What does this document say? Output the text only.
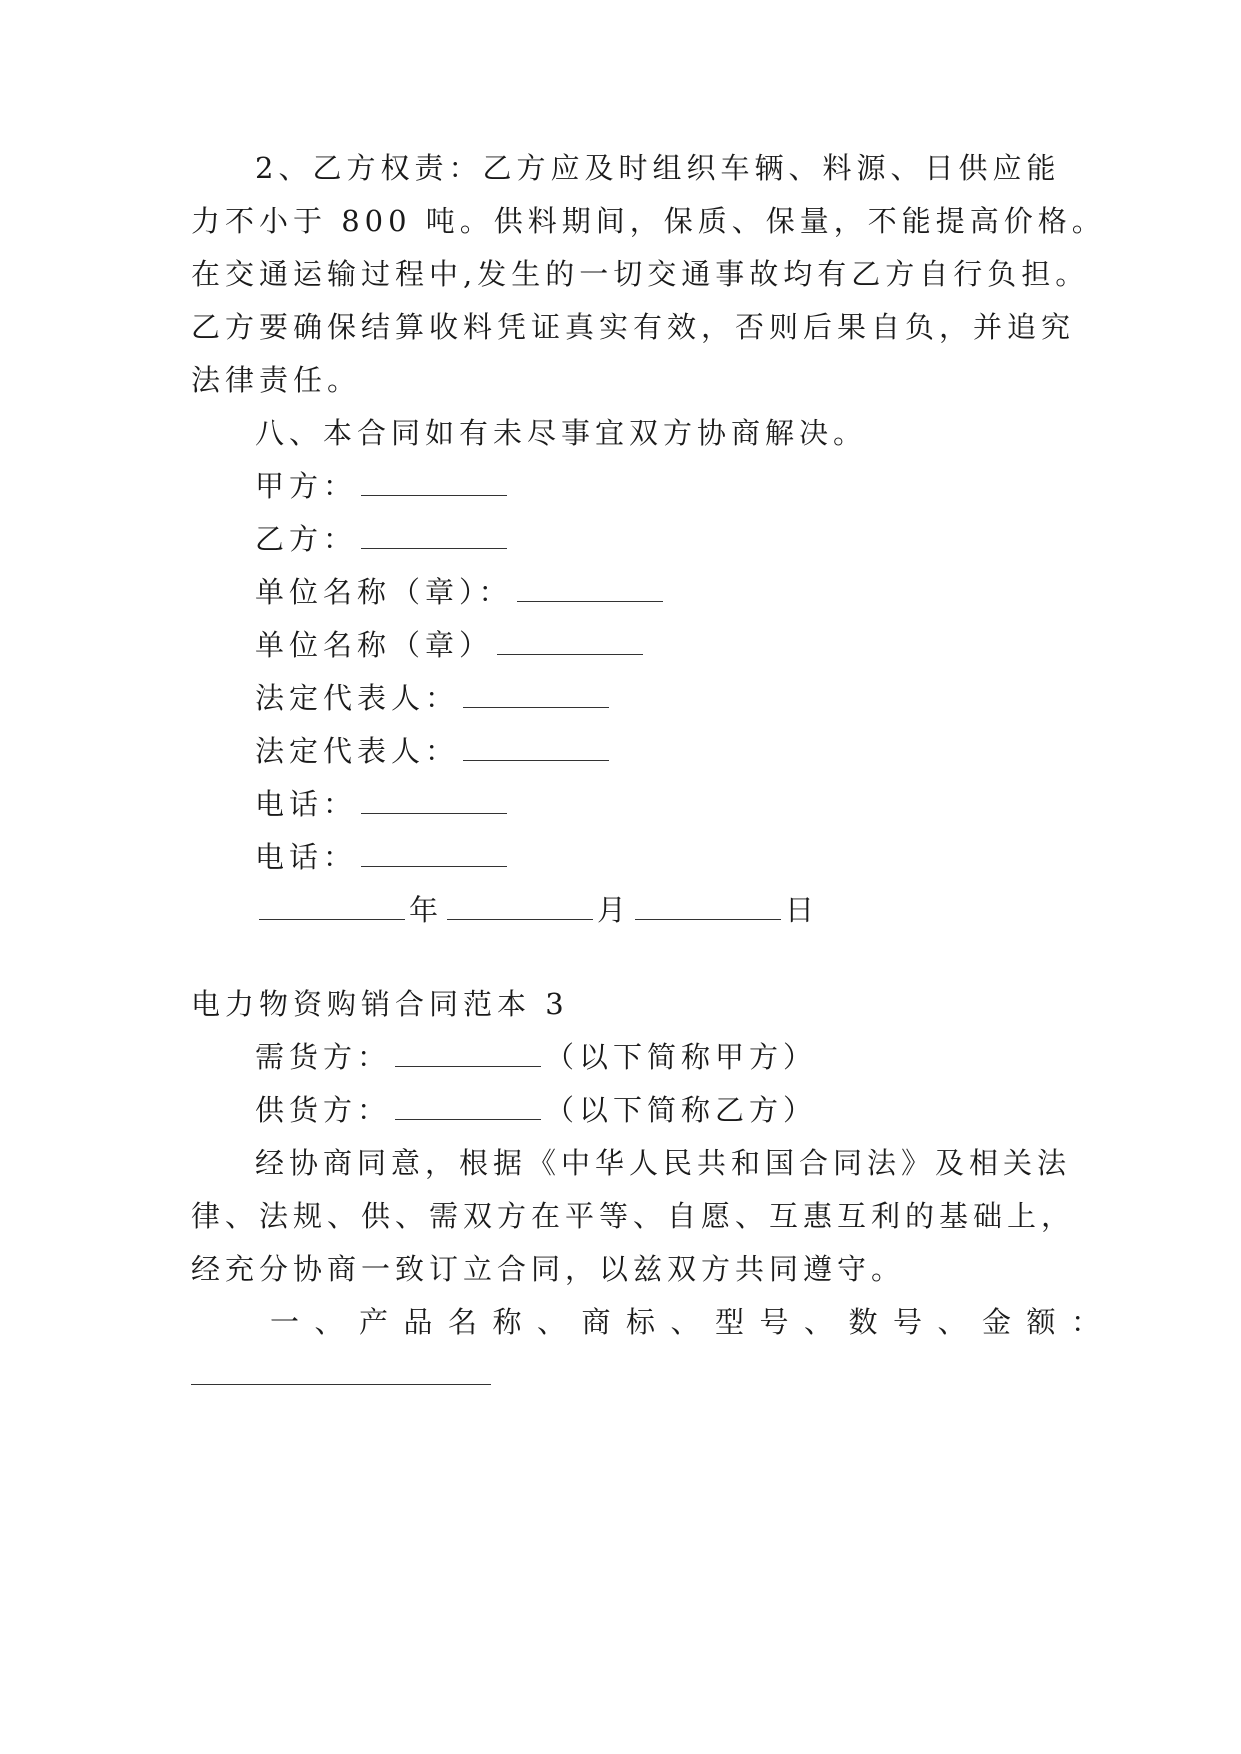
2、乙方权责：乙方应及时组织车辆、料源、日供应能
力不小于 800 吨。供料期间，保质、保量，不能提高价格。
在交通运输过程中,发生的一切交通事故均有乙方自行负担。
乙方要确保结算收料凭证真实有效，否则后果自负，并追究
法律责任。
八、本合同如有未尽事宜双方协商解决。
甲方：
乙方：
单位名称（章）：
单位名称（章）
法定代表人：
法定代表人：
电话：
电话：
年	月	日
电力物资购销合同范本 3
需货方：	（以下简称甲方）
供货方：	（以下简称乙方）
经协商同意，根据《中华人民共和国合同法》及相关法
律、法规、供、需双方在平等、自愿、互惠互利的基础上，
经充分协商一致订立合同，以兹双方共同遵守。
一、产品名称、商标、型号、数号、金额：
